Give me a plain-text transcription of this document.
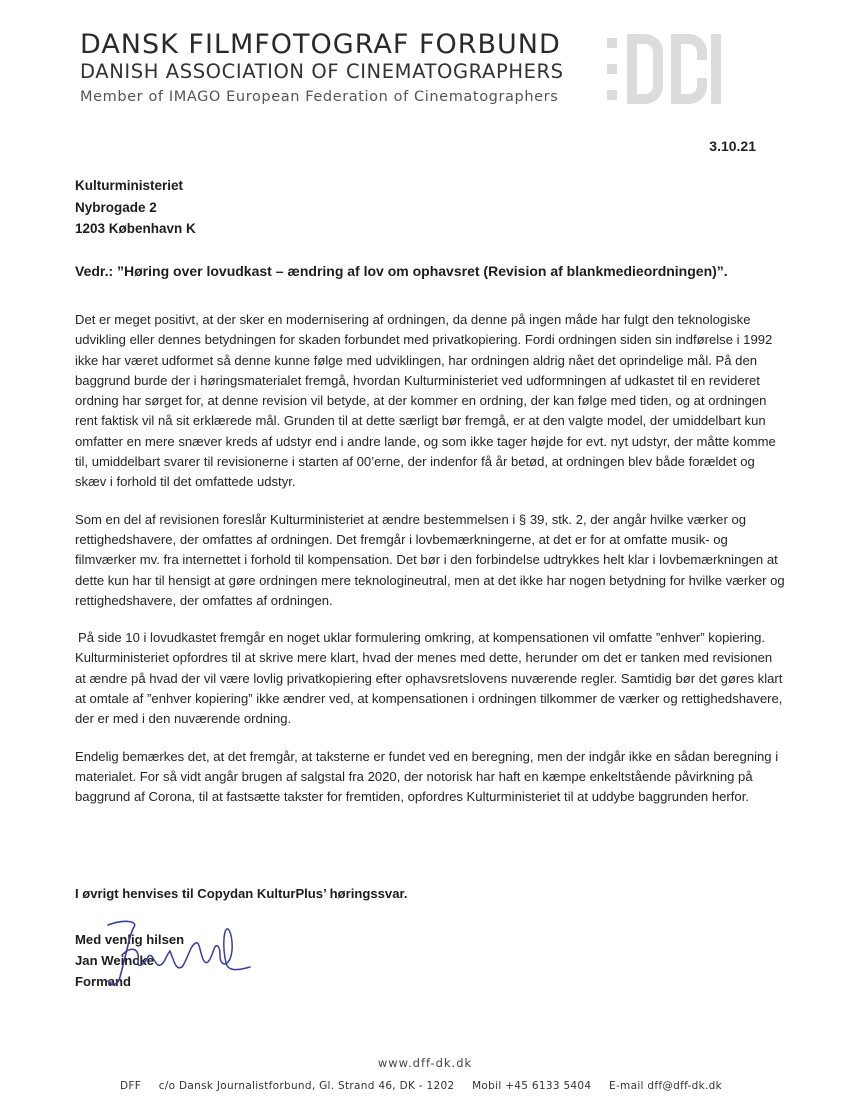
DANSK FILMFOTOGRAF FORBUND
DANISH ASSOCIATION OF CINEMATOGRAPHERS
Member of IMAGO European Federation of Cinematographers
3.10.21
Kulturministeriet
Nybrogade 2
1203 København K
Vedr.: ”Høring over lovudkast – ændring af lov om ophavsret (Revision af blankmedieordningen)”.

Det er meget positivt, at der sker en modernisering af ordningen, da denne på ingen måde har fulgt den teknologiske udvikling eller dennes betydningen for skaden forbundet med privatkopiering. Fordi ordningen siden sin indførelse i 1992 ikke har været udformet så denne kunne følge med udviklingen, har ordningen aldrig nået det oprindelige mål. På den baggrund burde der i høringsmaterialet fremgå, hvordan Kulturministeriet ved udformningen af udkastet til en revideret ordning har sørget for, at denne revision vil betyde, at der kommer en ordning, der kan følge med tiden, og at ordningen rent faktisk vil nå sit erklærede mål. Grunden til at dette særligt bør fremgå, er at den valgte model, der umiddelbart kun omfatter en mere snæver kreds af udstyr end i andre lande, og som ikke tager højde for evt. nyt udstyr, der måtte komme til, umiddelbart svarer til revisionerne i starten af 00’erne, der indenfor få år betød, at ordningen blev både forældet og skæv i forhold til det omfattede udstyr.

Som en del af revisionen foreslår Kulturministeriet at ændre bestemmelsen i § 39, stk. 2, der angår hvilke værker og rettighedshavere, der omfattes af ordningen. Det fremgår i lovbemærkningerne, at det er for at omfatte musik- og filmværker mv. fra internettet i forhold til kompensation. Det bør i den forbindelse udtrykkes helt klar i lovbemærkningen at dette kun har til hensigt at gøre ordningen mere teknologineutral, men at det ikke har nogen betydning for hvilke værker og rettighedshavere, der omfattes af ordningen.

På side 10 i lovudkastet fremgår en noget uklar formulering omkring, at kompensationen vil omfatte ”enhver” kopiering. Kulturministeriet opfordres til at skrive mere klart, hvad der menes med dette, herunder om det er tanken med revisionen at ændre på hvad der vil være lovlig privatkopiering efter ophavsretslovens nuværende regler. Samtidig bør det gøres klart at omtale af ”enhver kopiering” ikke ændrer ved, at kompensationen i ordningen tilkommer de værker og rettighedshavere, der er med i den nuværende ordning.

Endelig bemærkes det, at det fremgår, at taksterne er fundet ved en beregning, men der indgår ikke en sådan beregning i materialet. For så vidt angår brugen af salgstal fra 2020, der notorisk har haft en kæmpe enkeltstående påvirkning på baggrund af Corona, til at fastsætte takster for fremtiden, opfordres Kulturministeriet til at uddybe baggrunden herfor.

I øvrigt henvises til Copydan KulturPlus’ høringssvar.
Med venlig hilsen
Jan Weincke
Formand
www.dff-dk.dk
DFF c/o Dansk Journalistforbund, Gl. Strand 46, DK - 1202 Mobil +45 6133 5404 E-mail dff@dff-dk.dk
